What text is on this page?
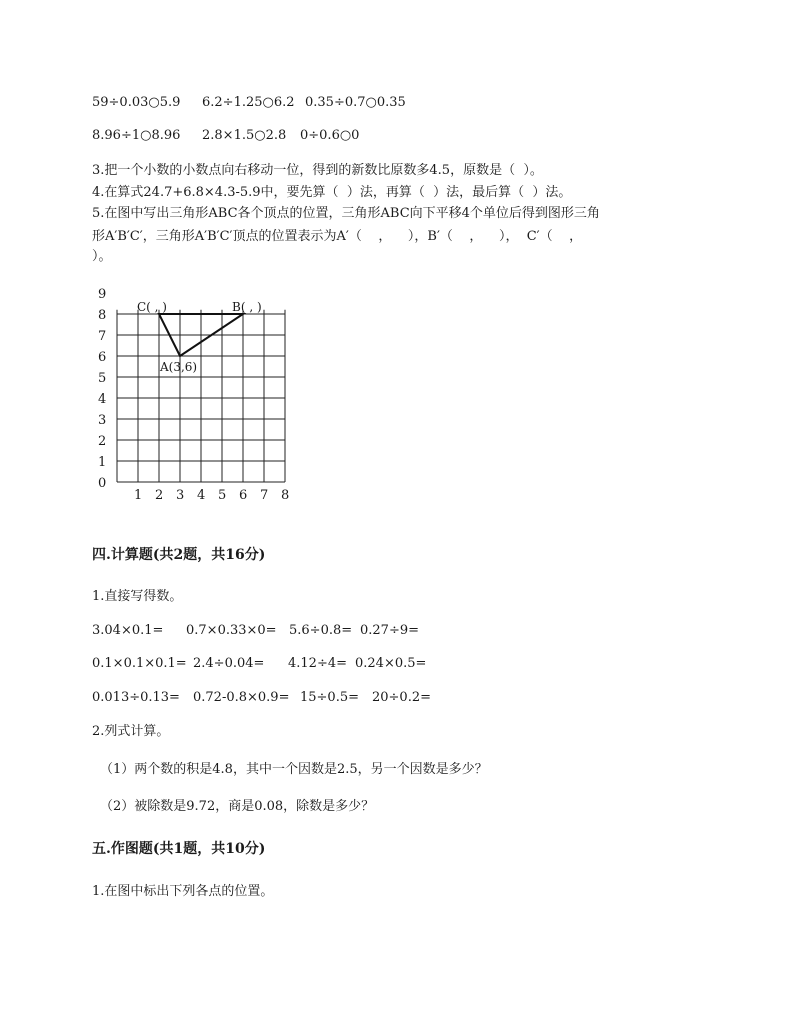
59÷0.03○5.9 6.2÷1.25○6.2 0.35÷0.7○0.35
8.96÷1○8.96 2.8×1.5○2.8 0÷0.6○0
3.把一个小数的小数点向右移动一位，得到的新数比原数多4.5，原数是（  ）。
4.在算式24.7+6.8×4.3-5.9中，要先算（  ）法，再算（  ）法，最后算（  ）法。
5.在图中写出三角形ABC各个顶点的位置，三角形ABC向下平移4个单位后得到图形三角
形A′B′C′，三角形A′B′C′顶点的位置表示为A′（    ，    ），B′（    ，    ），  C′（    ，
）。
0
1
2
3
4
5
6
7
8
9
1 2 3 4 5 6 7 8
A(3,6)
B( , )
C( , )
四.计算题(共2题，共16分)
1.直接写得数。
3.04×0.1= 0.7×0.33×0= 5.6÷0.8= 0.27÷9=
0.1×0.1×0.1= 2.4÷0.04= 4.12÷4= 0.24×0.5=
0.013÷0.13= 0.72-0.8×0.9= 15÷0.5= 20÷0.2=
2.列式计算。
（1）两个数的积是4.8，其中一个因数是2.5，另一个因数是多少？
（2）被除数是9.72，商是0.08，除数是多少？
五.作图题(共1题，共10分)
1.在图中标出下列各点的位置。
